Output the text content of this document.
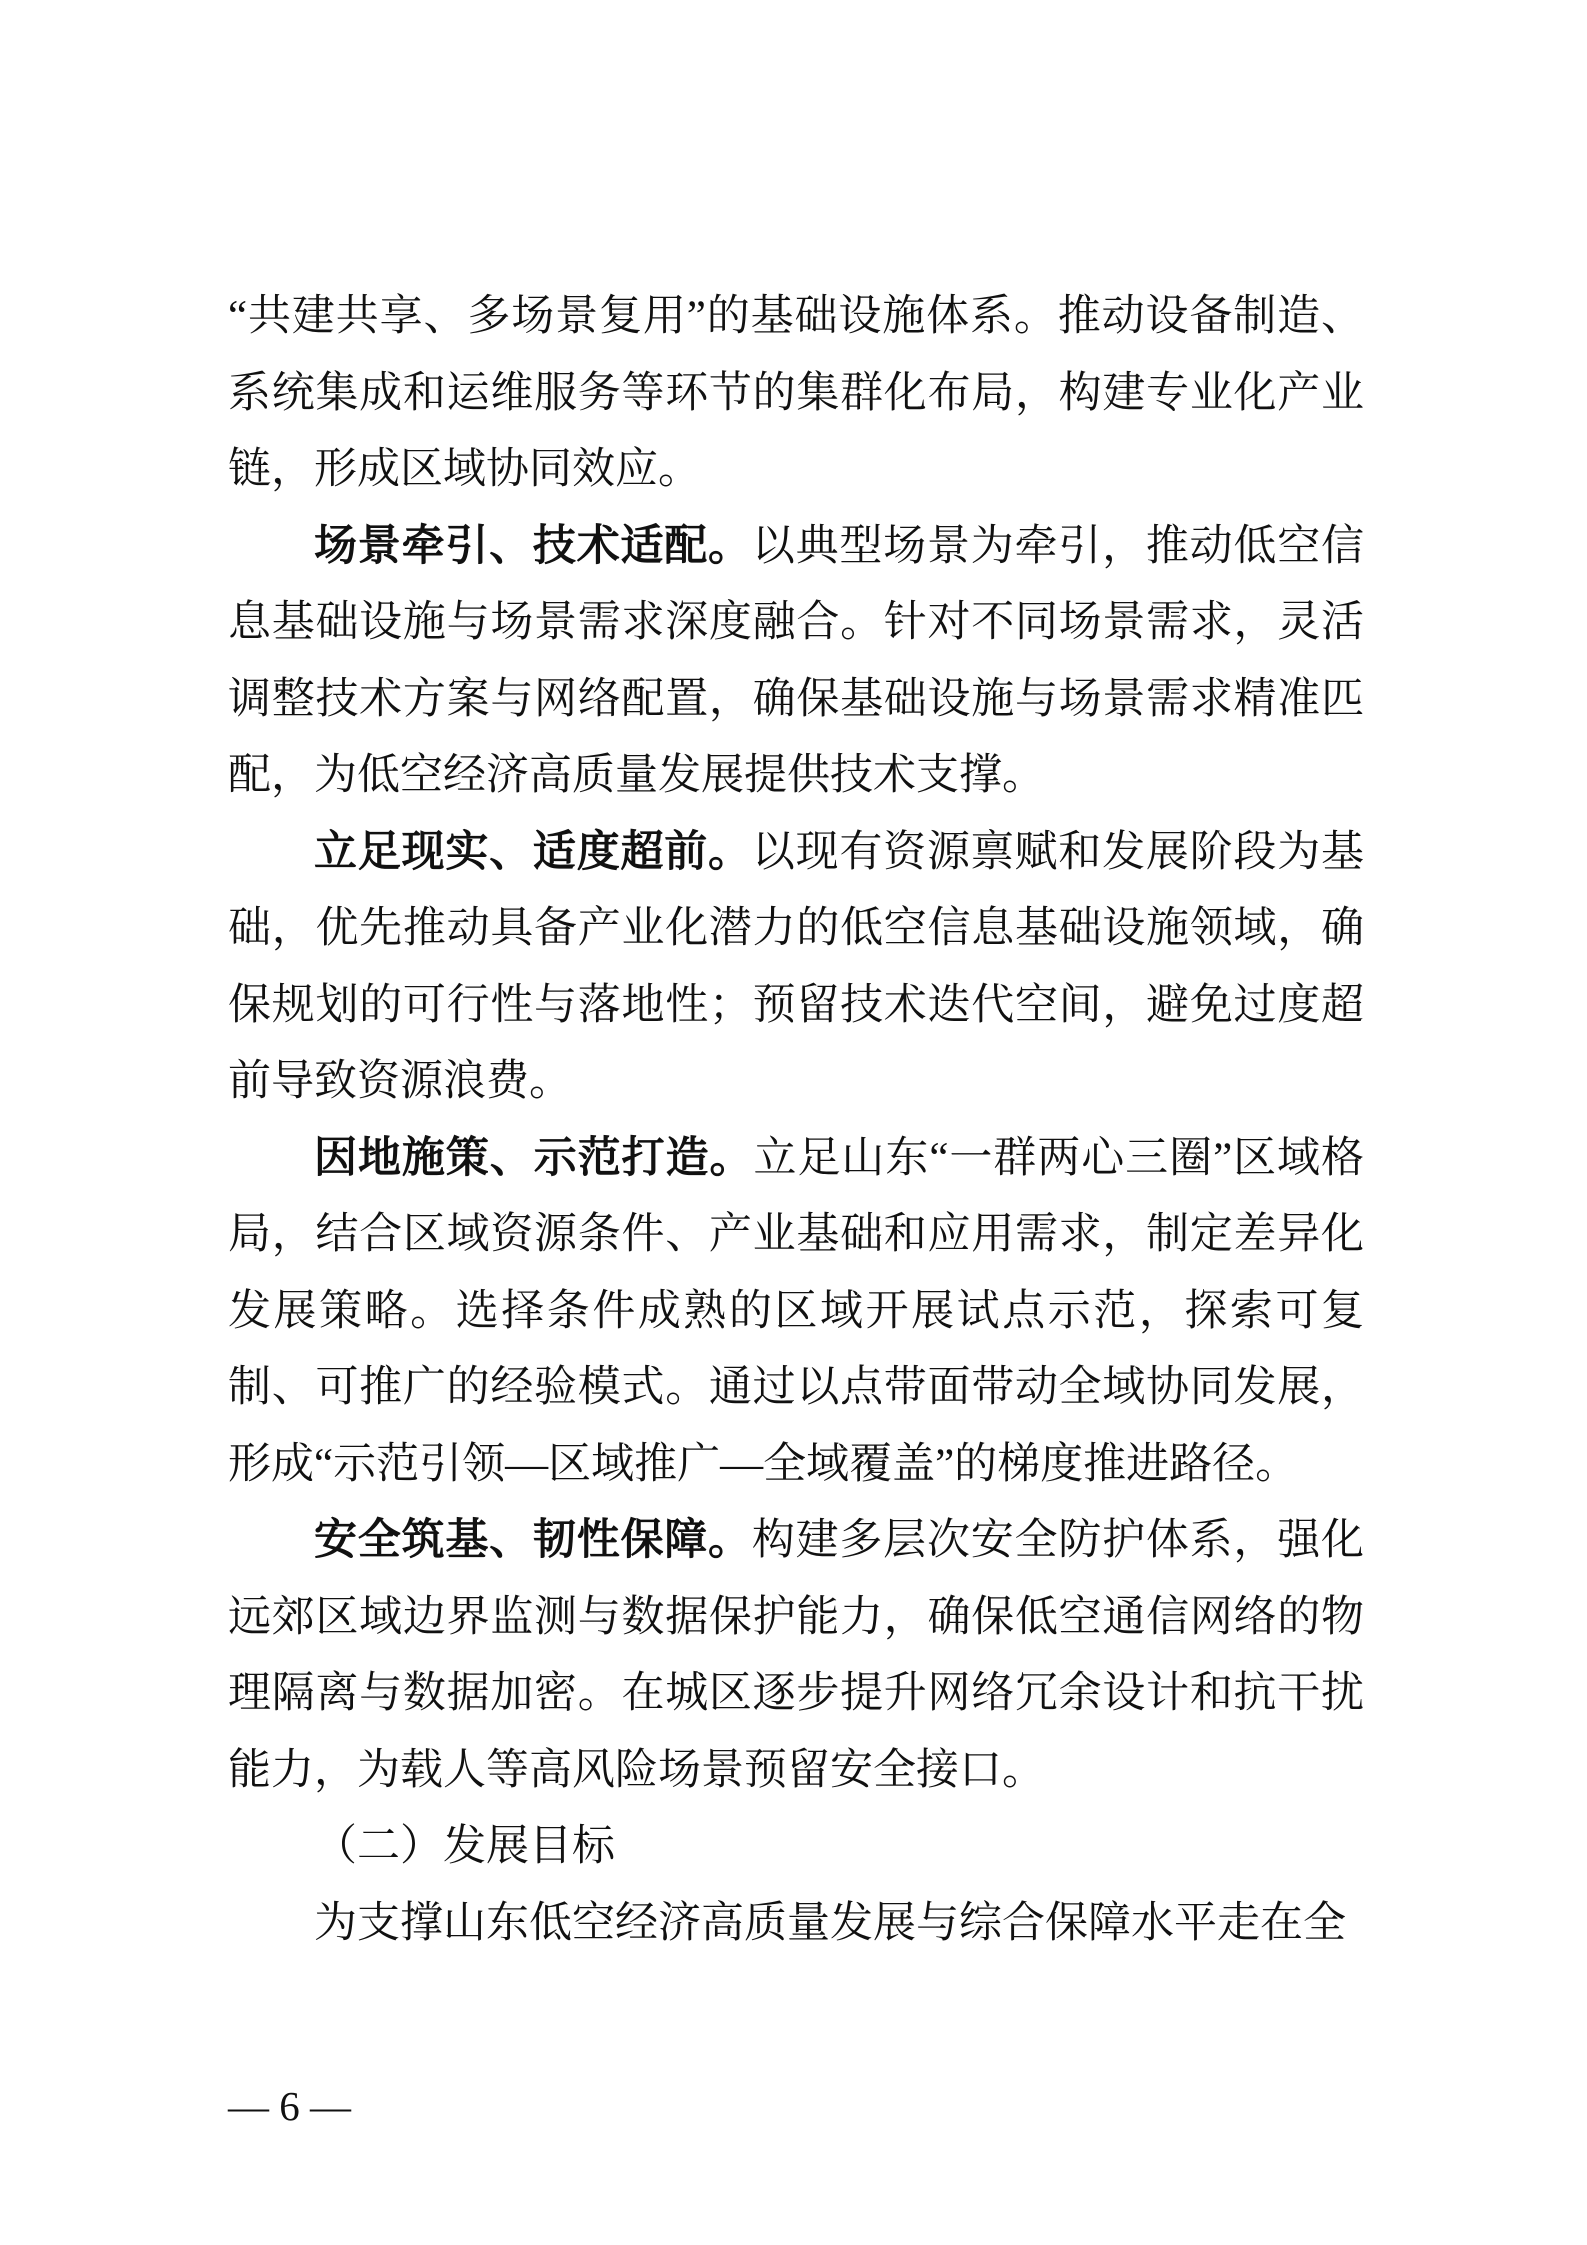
“共建共享、多场景复用”的基础设施体系。推动设备制造、系统集成和运维服务等环节的集群化布局，构建专业化产业链，形成区域协同效应。

场景牵引、技术适配。以典型场景为牵引，推动低空信息基础设施与场景需求深度融合。针对不同场景需求，灵活调整技术方案与网络配置，确保基础设施与场景需求精准匹配，为低空经济高质量发展提供技术支撑。

立足现实、适度超前。以现有资源禀赋和发展阶段为基础，优先推动具备产业化潜力的低空信息基础设施领域，确保规划的可行性与落地性；预留技术迭代空间，避免过度超前导致资源浪费。

因地施策、示范打造。立足山东“一群两心三圈”区域格局，结合区域资源条件、产业基础和应用需求，制定差异化发展策略。选择条件成熟的区域开展试点示范，探索可复制、可推广的经验模式。通过以点带面带动全域协同发展，形成“示范引领—区域推广—全域覆盖”的梯度推进路径。

安全筑基、韧性保障。构建多层次安全防护体系，强化远郊区域边界监测与数据保护能力，确保低空通信网络的物理隔离与数据加密。在城区逐步提升网络冗余设计和抗干扰能力，为载人等高风险场景预留安全接口。

（二）发展目标

为支撑山东低空经济高质量发展与综合保障水平走在全

— 6 —
